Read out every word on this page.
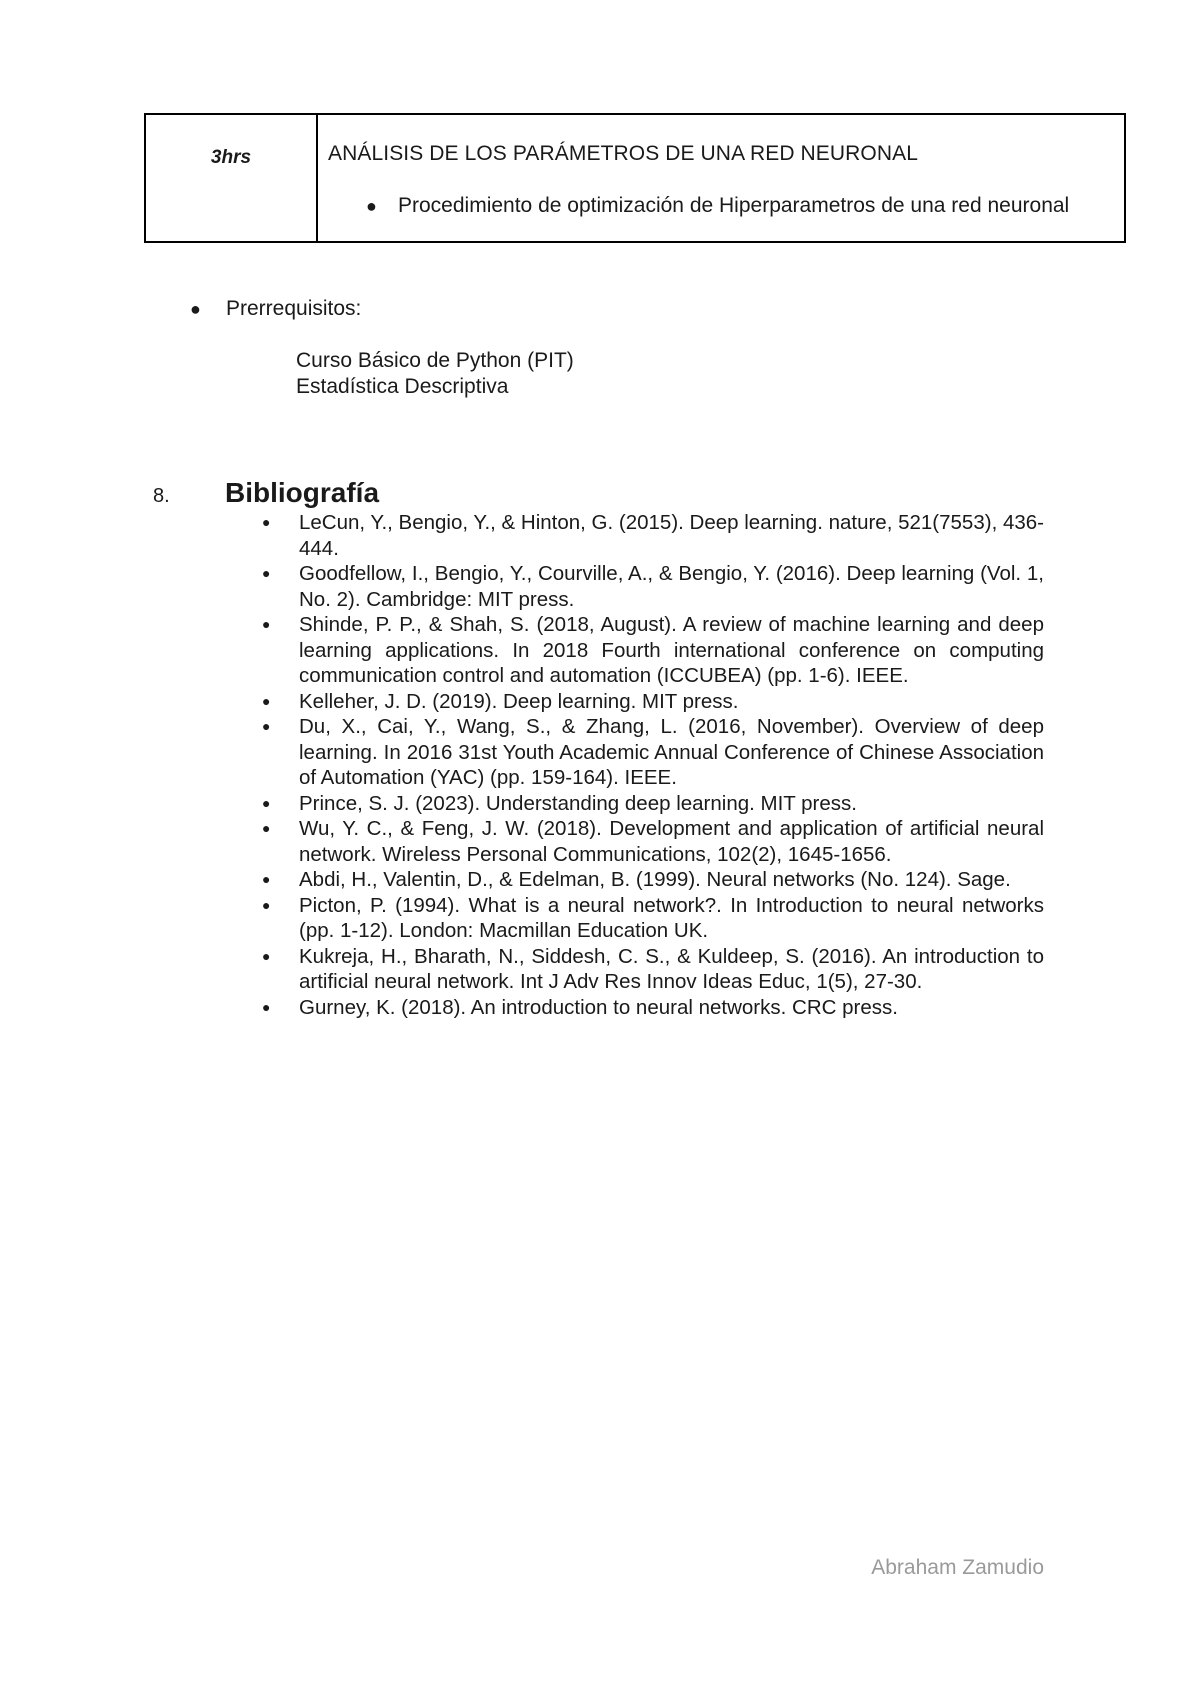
3hrs	ANÁLISIS DE LOS PARÁMETROS DE UNA RED NEURONAL
●	Procedimiento de optimización de Hiperparametros de una red neuronal
●	Prerrequisitos:
Curso Básico de Python (PIT)
Estadística Descriptiva
8. Bibliografía
●	LeCun, Y., Bengio, Y., & Hinton, G. (2015). Deep learning. nature, 521(7553), 436-444.
●	Goodfellow, I., Bengio, Y., Courville, A., & Bengio, Y. (2016). Deep learning (Vol. 1, No. 2). Cambridge: MIT press.
●	Shinde, P. P., & Shah, S. (2018, August). A review of machine learning and deep learning applications. In 2018 Fourth international conference on computing communication control and automation (ICCUBEA) (pp. 1-6). IEEE.
●	Kelleher, J. D. (2019). Deep learning. MIT press.
●	Du, X., Cai, Y., Wang, S., & Zhang, L. (2016, November). Overview of deep learning. In 2016 31st Youth Academic Annual Conference of Chinese Association of Automation (YAC) (pp. 159-164). IEEE.
●	Prince, S. J. (2023). Understanding deep learning. MIT press.
●	Wu, Y. C., & Feng, J. W. (2018). Development and application of artificial neural network. Wireless Personal Communications, 102(2), 1645-1656.
●	Abdi, H., Valentin, D., & Edelman, B. (1999). Neural networks (No. 124). Sage.
●	Picton, P. (1994). What is a neural network?. In Introduction to neural networks (pp. 1-12). London: Macmillan Education UK.
●	Kukreja, H., Bharath, N., Siddesh, C. S., & Kuldeep, S. (2016). An introduction to artificial neural network. Int J Adv Res Innov Ideas Educ, 1(5), 27-30.
●	Gurney, K. (2018). An introduction to neural networks. CRC press.
Abraham Zamudio
